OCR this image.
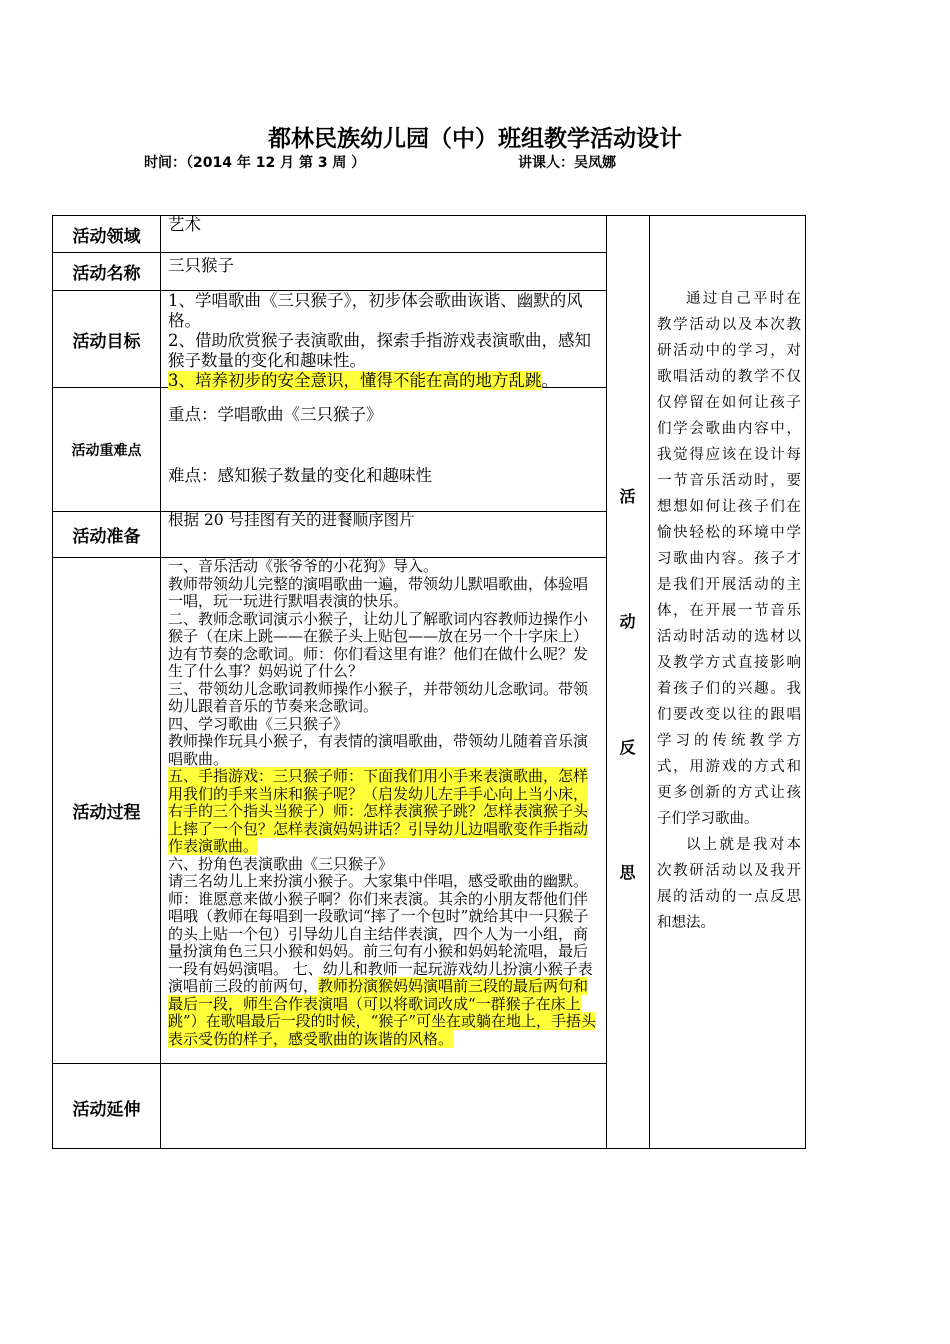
都林民族幼儿园（中）班组教学活动设计
时间：（2014 年 12 月 第 3 周 ）	讲课人：吴凤娜
活动领域
艺术
活动名称	三只猴子
活动目标

1、学唱歌曲《三只猴子》，初步体会歌曲诙谐、幽默的风格。

2、借助欣赏猴子表演歌曲，探索手指游戏表演歌曲，感知猴子数量的变化和趣味性。

3、培养初步的安全意识，懂得不能在高的地方乱跳。

活动重难点
重点：学唱歌曲《三只猴子》
难点：感知猴子数量的变化和趣味性
活动准备
根据 20 号挂图有关的进餐顺序图片
活动过程

一、音乐活动《张爷爷的小花狗》导入。

教师带领幼儿完整的演唱歌曲一遍，带领幼儿默唱歌曲，体验唱一唱，玩一玩进行默唱表演的快乐。

二、教师念歌词演示小猴子，让幼儿了解歌词内容教师边操作小猴子（在床上跳——在猴子头上贴包——放在另一个十字床上）边有节奏的念歌词。师：你们看这里有谁？他们在做什么呢？发生了什么事？妈妈说了什么？

三、带领幼儿念歌词教师操作小猴子，并带领幼儿念歌词。带领幼儿跟着音乐的节奏来念歌词。

四、学习歌曲《三只猴子》

教师操作玩具小猴子，有表情的演唱歌曲，带领幼儿随着音乐演唱歌曲。

五、手指游戏：三只猴子师：下面我们用小手来表演歌曲，怎样用我们的手来当床和猴子呢？（启发幼儿左手手心向上当小床，右手的三个指头当猴子）师：怎样表演猴子跳？怎样表演猴子头上摔了一个包？怎样表演妈妈讲话？引导幼儿边唱歌变作手指动作表演歌曲。

六、扮角色表演歌曲《三只猴子》

请三名幼儿上来扮演小猴子。大家集中伴唱，感受歌曲的幽默。师：谁愿意来做小猴子啊？你们来表演。其余的小朋友帮他们伴唱哦（教师在每唱到一段歌词“摔了一个包时”就给其中一只猴子的头上贴一个包）引导幼儿自主结伴表演，四个人为一小组，商量扮演角色三只小猴和妈妈。前三句有小猴和妈妈轮流唱，最后一段有妈妈演唱。 七、幼儿和教师一起玩游戏幼儿扮演小猴子表演唱前三段的前两句，教师扮演猴妈妈演唱前三段的最后两句和最后一段，师生合作表演唱（可以将歌词改成“一群猴子在床上跳”）在歌唱最后一段的时候，“猴子”可坐在或躺在地上，手捂头表示受伤的样子，感受歌曲的诙谐的风格。

活动延伸
活
动
反
思

通过自己平时在教学活动以及本次教研活动中的学习，对歌唱活动的教学不仅仅停留在如何让孩子们学会歌曲内容中，我觉得应该在设计每一节音乐活动时，要想想如何让孩子们在愉快轻松的环境中学习歌曲内容。孩子才是我们开展活动的主体，在开展一节音乐活动时活动的选材以及教学方式直接影响着孩子们的兴趣。我们要改变以往的跟唱学习的传统教学方式，用游戏的方式和更多创新的方式让孩子们学习歌曲。

以上就是我对本次教研活动以及我开展的活动的一点反思和想法。
